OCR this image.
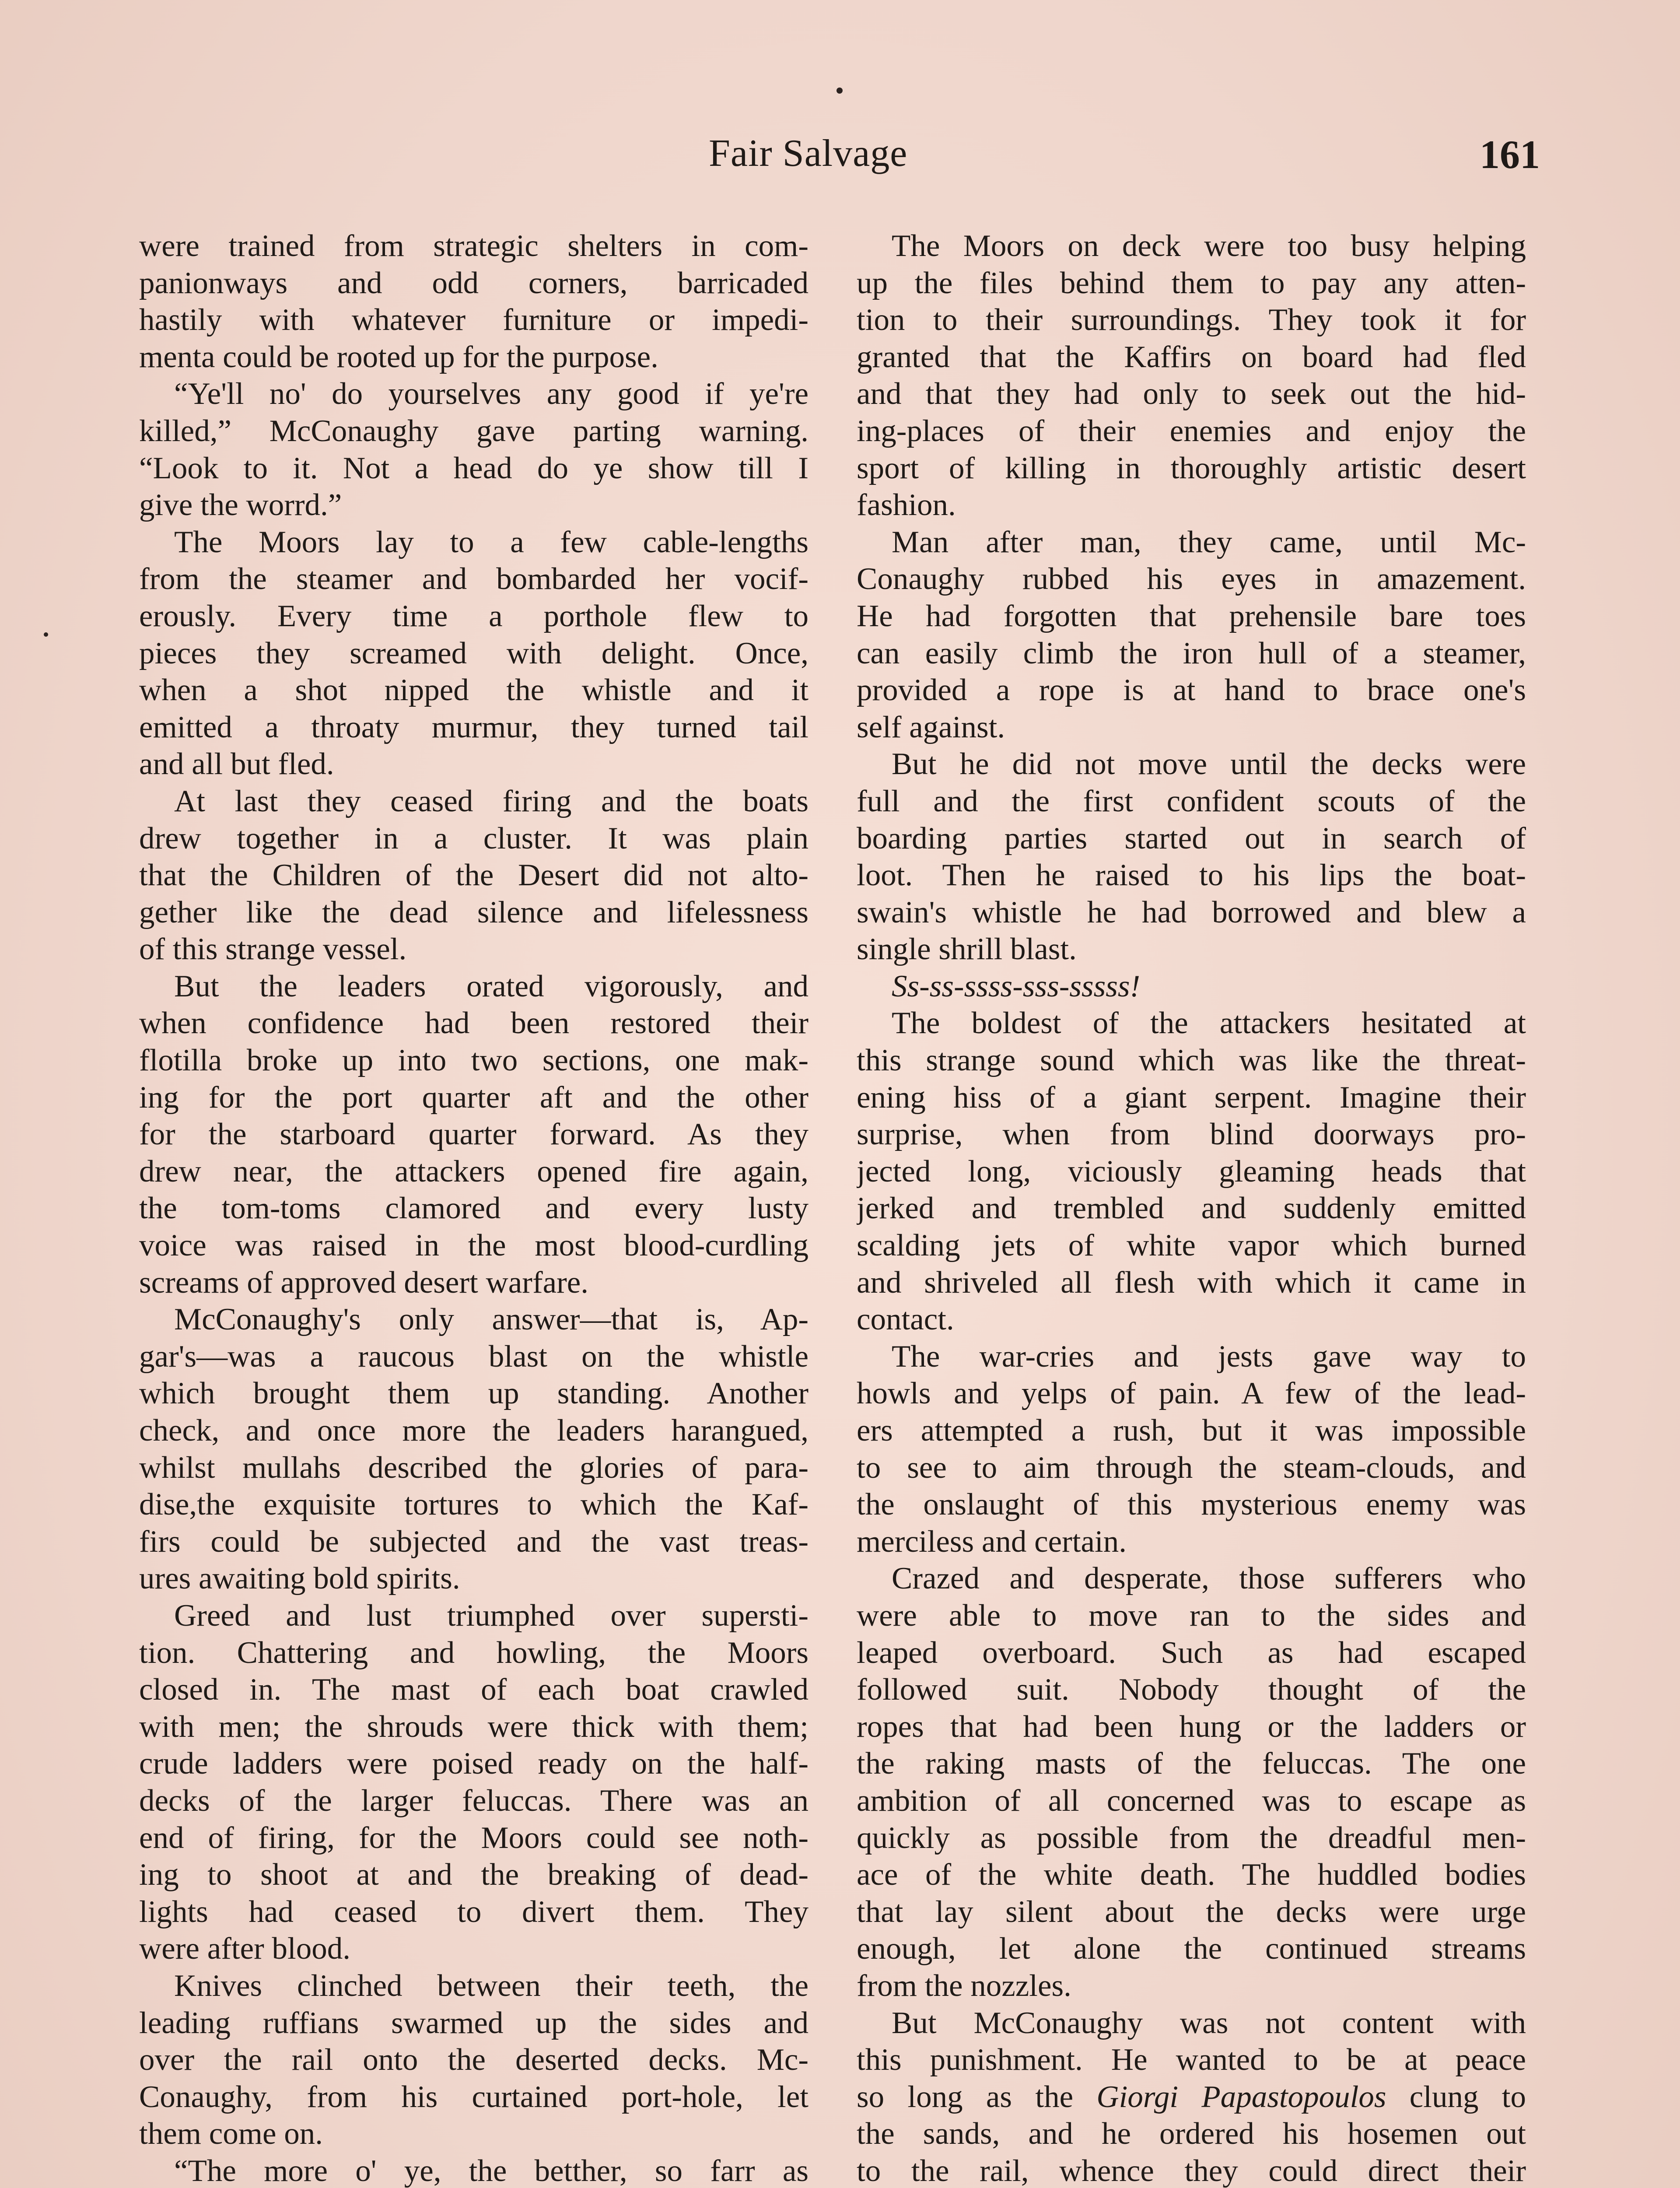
Fair Salvage	161
were trained from strategic shelters in com-
panionways and odd corners, barricaded
hastily with whatever furniture or impedi-
menta could be rooted up for the purpose.
“Ye'll no' do yourselves any good if ye're
killed,” McConaughy gave parting warning.
“Look to it. Not a head do ye show till I
give the worrd.”
The Moors lay to a few cable-lengths
from the steamer and bombarded her vocif-
erously. Every time a porthole flew to
pieces they screamed with delight. Once,
when a shot nipped the whistle and it
emitted a throaty murmur, they turned tail
and all but fled.
At last they ceased firing and the boats
drew together in a cluster. It was plain
that the Children of the Desert did not alto-
gether like the dead silence and lifelessness
of this strange vessel.
But the leaders orated vigorously, and
when confidence had been restored their
flotilla broke up into two sections, one mak-
ing for the port quarter aft and the other
for the starboard quarter forward. As they
drew near, the attackers opened fire again,
the tom-toms clamored and every lusty
voice was raised in the most blood-curdling
screams of approved desert warfare.
McConaughy's only answer—that is, Ap-
gar's—was a raucous blast on the whistle
which brought them up standing. Another
check, and once more the leaders harangued,
whilst mullahs described the glories of para-
dise,the exquisite tortures to which the Kaf-
firs could be subjected and the vast treas-
ures awaiting bold spirits.
Greed and lust triumphed over supersti-
tion. Chattering and howling, the Moors
closed in. The mast of each boat crawled
with men; the shrouds were thick with them;
crude ladders were poised ready on the half-
decks of the larger feluccas. There was an
end of firing, for the Moors could see noth-
ing to shoot at and the breaking of dead-
lights had ceased to divert them. They
were after blood.
Knives clinched between their teeth, the
leading ruffians swarmed up the sides and
over the rail onto the deserted decks. Mc-
Conaughy, from his curtained port-hole, let
them come on.
“The more o' ye, the betther, so farr as
The Moors on deck were too busy helping
up the files behind them to pay any atten-
tion to their surroundings. They took it for
granted that the Kaffirs on board had fled
and that they had only to seek out the hid-
ing-places of their enemies and enjoy the
sport of killing in thoroughly artistic desert
fashion.
Man after man, they came, until Mc-
Conaughy rubbed his eyes in amazement.
He had forgotten that prehensile bare toes
can easily climb the iron hull of a steamer,
provided a rope is at hand to brace one's
self against.
But he did not move until the decks were
full and the first confident scouts of the
boarding parties started out in search of
loot. Then he raised to his lips the boat-
swain's whistle he had borrowed and blew a
single shrill blast.
Ss-ss-ssss-sss-sssss!
The boldest of the attackers hesitated at
this strange sound which was like the threat-
ening hiss of a giant serpent. Imagine their
surprise, when from blind doorways pro-
jected long, viciously gleaming heads that
jerked and trembled and suddenly emitted
scalding jets of white vapor which burned
and shriveled all flesh with which it came in
contact.
The war-cries and jests gave way to
howls and yelps of pain. A few of the lead-
ers attempted a rush, but it was impossible
to see to aim through the steam-clouds, and
the onslaught of this mysterious enemy was
merciless and certain.
Crazed and desperate, those sufferers who
were able to move ran to the sides and
leaped overboard. Such as had escaped
followed suit. Nobody thought of the
ropes that had been hung or the ladders or
the raking masts of the feluccas. The one
ambition of all concerned was to escape as
quickly as possible from the dreadful men-
ace of the white death. The huddled bodies
that lay silent about the decks were urge
enough, let alone the continued streams
from the nozzles.
But McConaughy was not content with
this punishment. He wanted to be at peace
so long as the Giorgi Papastopoulos clung to
the sands, and he ordered his hosemen out
to the rail, whence they could direct their
